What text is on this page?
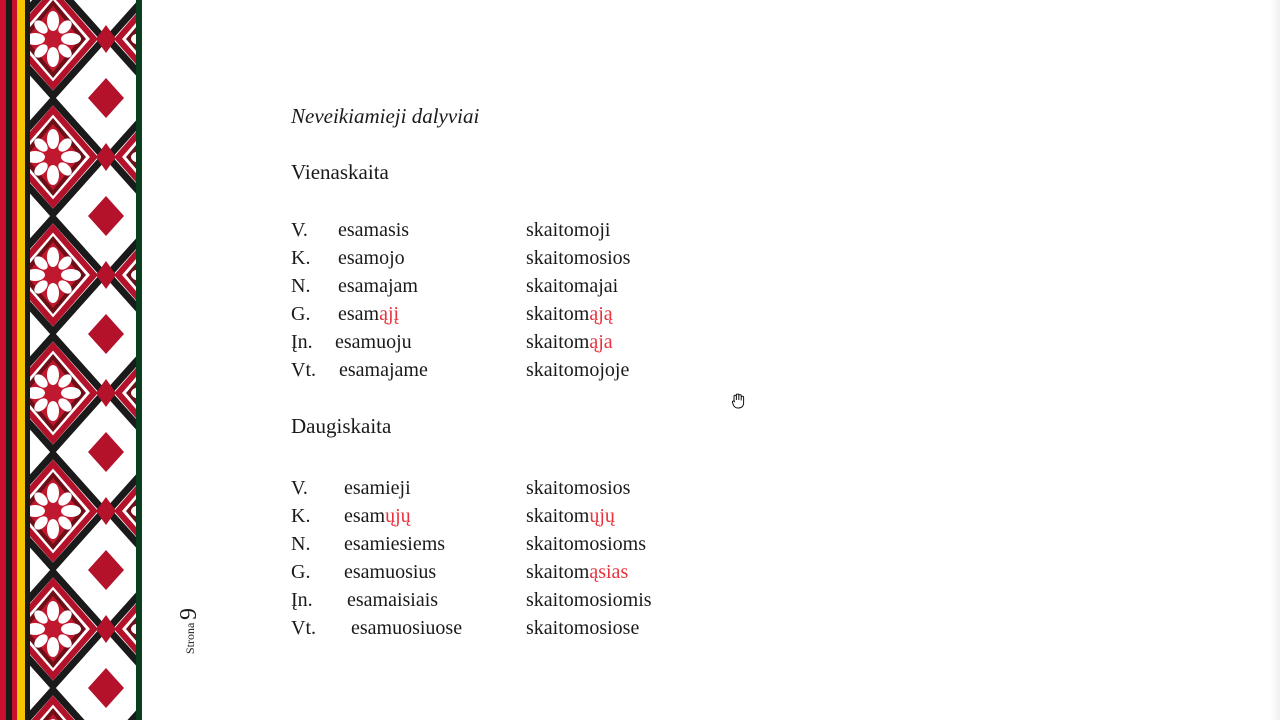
Strona
9
Neveikiamieji dalyviai
Vienaskaita
V. esamasis	skaitomoji
K. esamojo	skaitomosios
N. esamajam	skaitomajai
G. esamąjį	skaitomąją
Įn. esamuoju	skaitomąja
Vt. esamajame	skaitomojoje
Daugiskaita
V. esamieji	skaitomosios
K. esamųjų	skaitomųjų
N. esamiesiems	skaitomosioms
G. esamuosius	skaitomąsias
Įn. esamaisiais	skaitomosiomis
Vt. esamuosiuose	skaitomosiose
